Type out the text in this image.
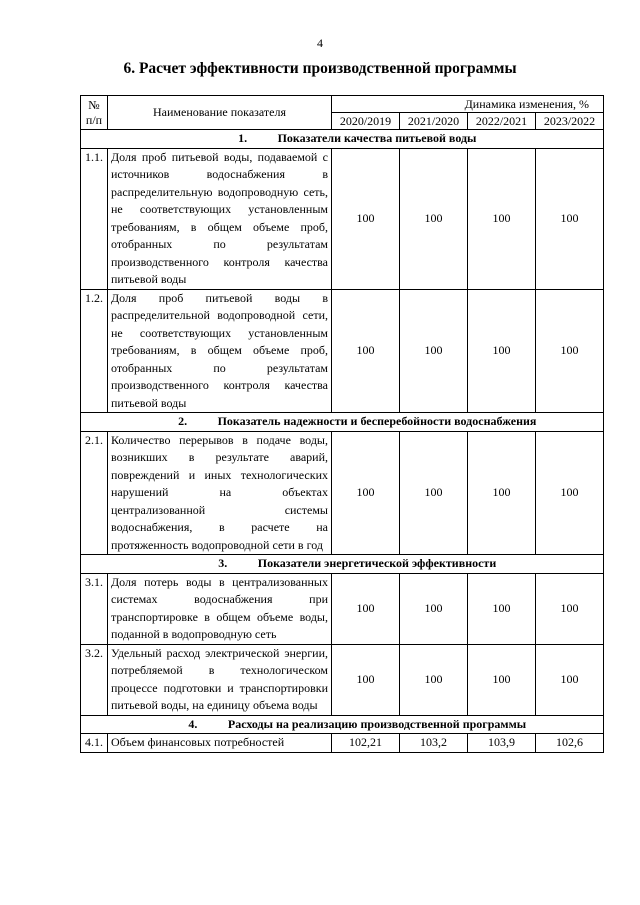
4
6. Расчет эффективности производственной программы
№
п/п	Наименование показателя	Динамика изменения, %			
		2020/2019	2021/2020	2022/2021	2023/2022
1. Показатели качества питьевой воды					
1.1.	Доля проб питьевой воды, подаваемой с источников водоснабжения в распределительную водопроводную сеть, не соответствующих установленным требованиям, в общем объеме проб, отобранных по результатам производственного контроля качества питьевой воды	100	100	100	100
1.2.	Доля проб питьевой воды в распределительной водопроводной сети, не соответствующих установленным требованиям, в общем объеме проб, отобранных по результатам производственного контроля качества питьевой воды	100	100	100	100
2. Показатель надежности и бесперебойности водоснабжения					
2.1.	Количество перерывов в подаче воды, возникших в результате аварий, повреждений и иных технологических нарушений на объектах централизованной системы водоснабжения, в расчете на протяженность водопроводной сети в год	100	100	100	100
3. Показатели энергетической эффективности					
3.1.	Доля потерь воды в централизованных системах водоснабжения при транспортировке в общем объеме воды, поданной в водопроводную сеть	100	100	100	100
3.2.	Удельный расход электрической энергии, потребляемой в технологическом процессе подготовки и транспортировки питьевой воды, на единицу объема воды	100	100	100	100
4. Расходы на реализацию производственной программы					
4.1.	Объем финансовых потребностей	102,21	103,2	103,9	102,6
